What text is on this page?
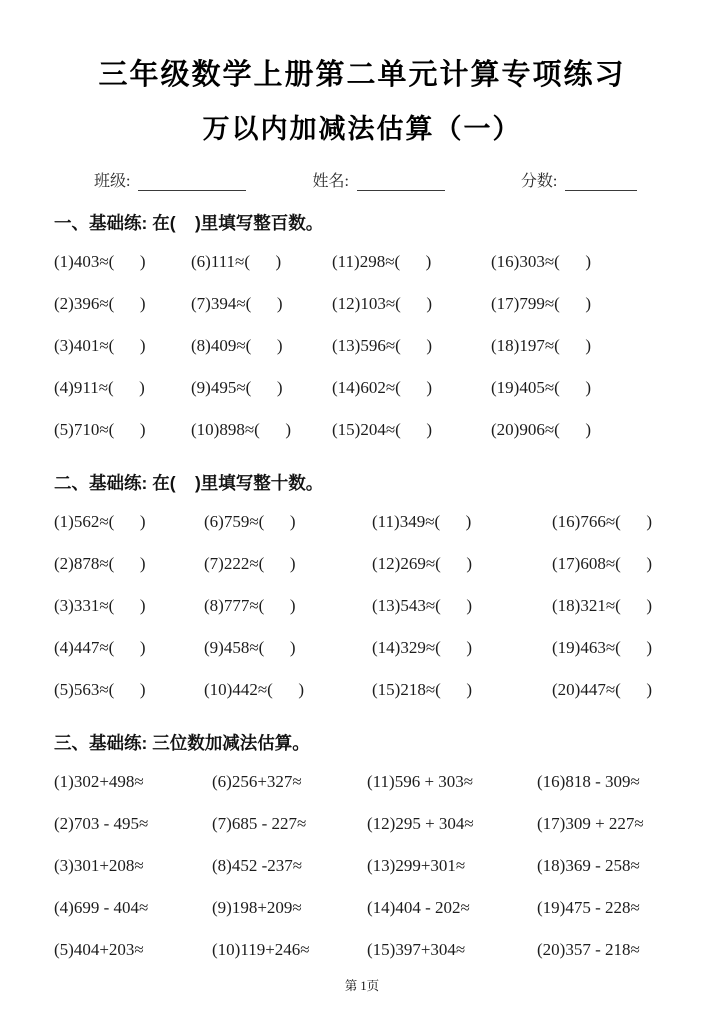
三年级数学上册第二单元计算专项练习
万以内加减法估算（一）
班级:	姓名:	分数:
一、基础练: 在(    )里填写整百数。
(1)403≈(      )	(6)111≈(      )	(11)298≈(      )	(16)303≈(      )
(2)396≈(      )	(7)394≈(      )	(12)103≈(      )	(17)799≈(      )
(3)401≈(      )	(8)409≈(      )	(13)596≈(      )	(18)197≈(      )
(4)911≈(      )	(9)495≈(      )	(14)602≈(      )	(19)405≈(      )
(5)710≈(      )	(10)898≈(      )	(15)204≈(      )	(20)906≈(      )
二、基础练: 在(    )里填写整十数。
(1)562≈(      )	(6)759≈(      )	(11)349≈(      )	(16)766≈(      )
(2)878≈(      )	(7)222≈(      )	(12)269≈(      )	(17)608≈(      )
(3)331≈(      )	(8)777≈(      )	(13)543≈(      )	(18)321≈(      )
(4)447≈(      )	(9)458≈(      )	(14)329≈(      )	(19)463≈(      )
(5)563≈(      )	(10)442≈(      )	(15)218≈(      )	(20)447≈(      )
三、基础练: 三位数加减法估算。
(1)302+498≈	(6)256+327≈	(11)596 + 303≈	(16)818 - 309≈
(2)703 - 495≈	(7)685 - 227≈	(12)295 + 304≈	(17)309 + 227≈
(3)301+208≈	(8)452 -237≈	(13)299+301≈	(18)369 - 258≈
(4)699 - 404≈	(9)198+209≈	(14)404 - 202≈	(19)475 - 228≈
(5)404+203≈	(10)119+246≈	(15)397+304≈	(20)357 - 218≈
第 1页
